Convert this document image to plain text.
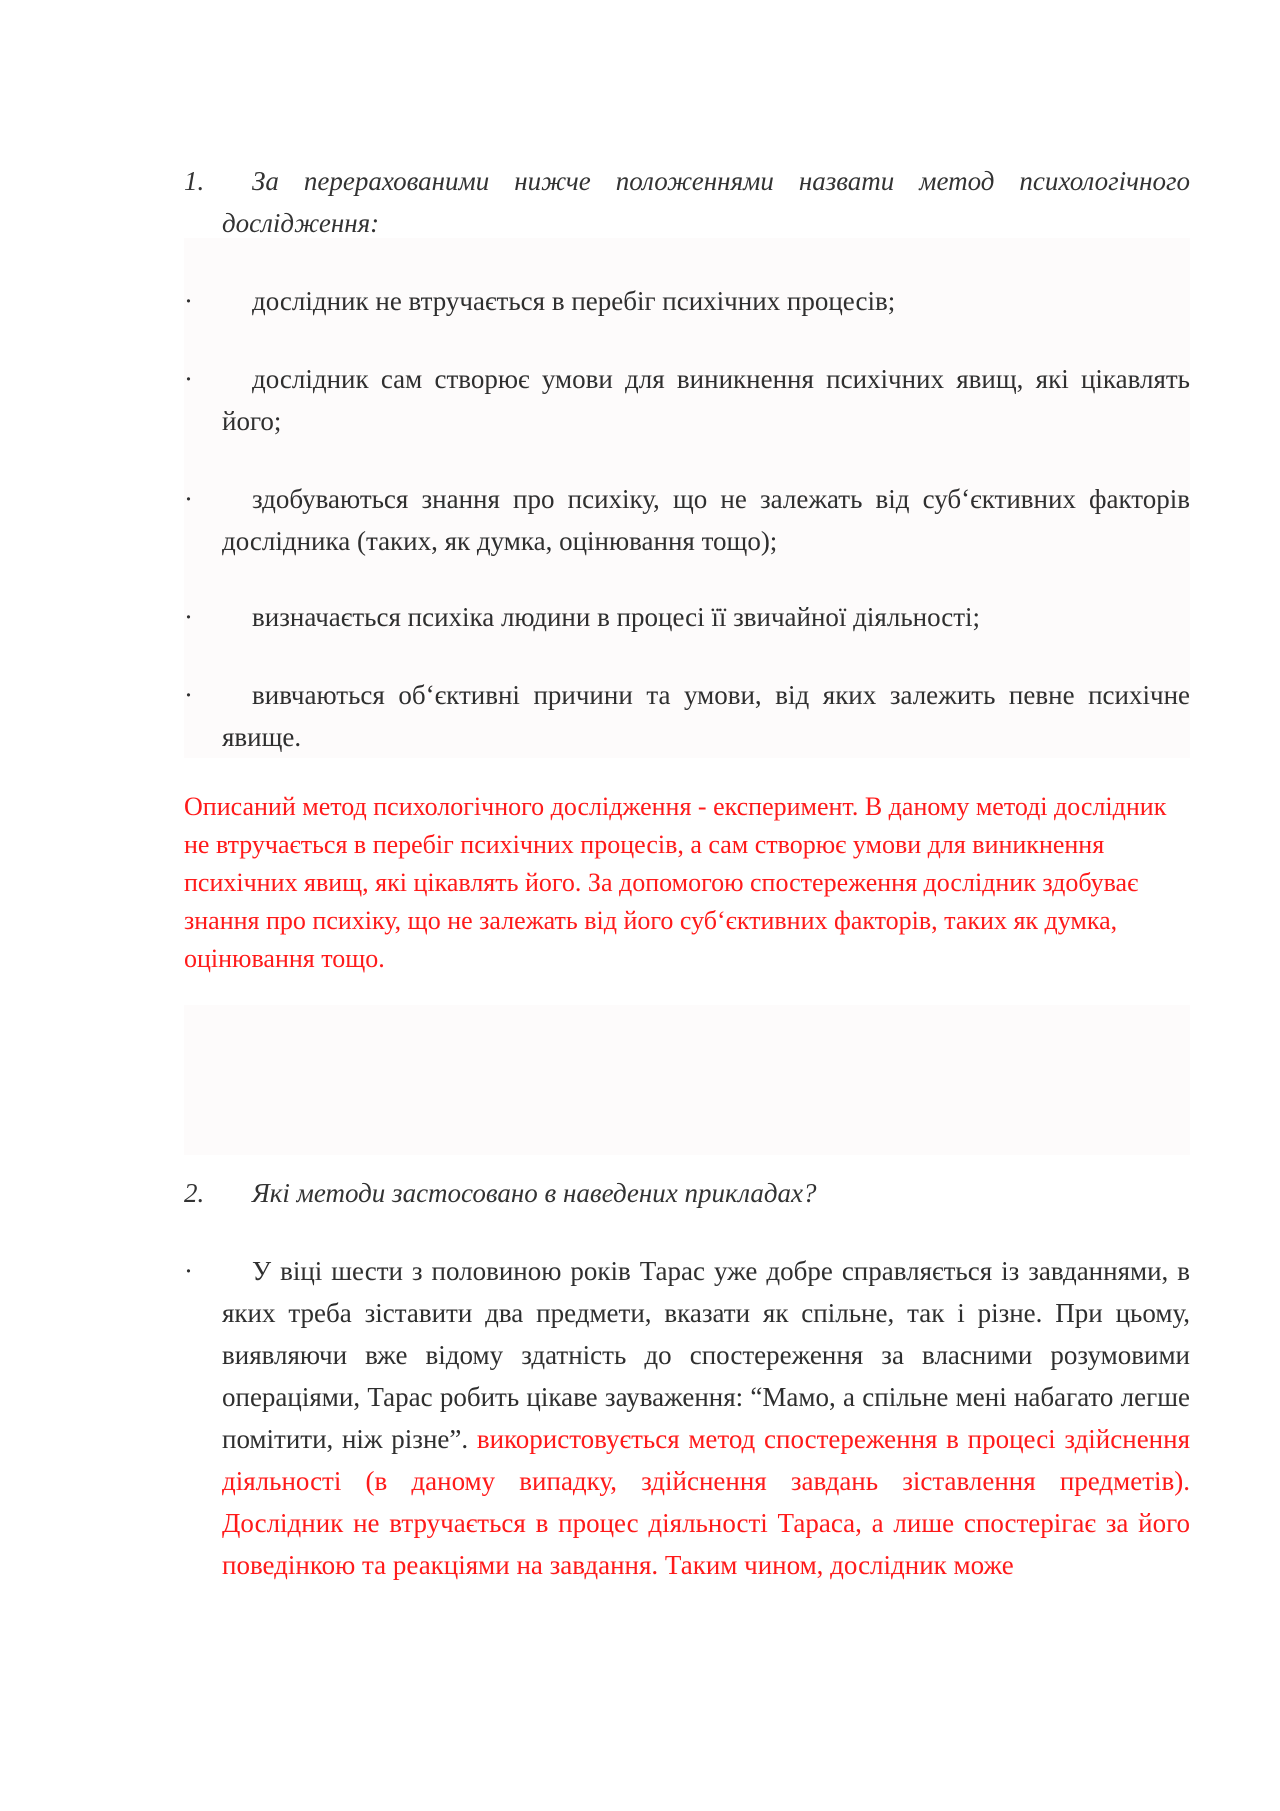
1. За перерахованими нижче положеннями назвати метод психологічного дослідження:
· дослідник не втручається в перебіг психічних процесів;
· дослідник сам створює умови для виникнення психічних явищ, які цікавлять його;
· здобуваються знання про психіку, що не залежать від суб‘єктивних факторів дослідника (таких, як думка, оцінювання тощо);
· визначається психіка людини в процесі її звичайної діяльності;
· вивчаються об‘єктивні причини та умови, від яких залежить певне психічне явище.
Описаний метод психологічного дослідження - експеримент. В даному методі дослідник не втручається в перебіг психічних процесів, а сам створює умови для виникнення психічних явищ, які цікавлять його. За допомогою спостереження дослідник здобуває знання про психіку, що не залежать від його суб‘єктивних факторів, таких як думка, оцінювання тощо.
2. Які методи застосовано в наведених прикладах?
· У віці шести з половиною років Тарас уже добре справляється із завданнями, в яких треба зіставити два предмети, вказати як спільне, так і різне. При цьому, виявляючи вже відому здатність до спостереження за власними розумовими операціями, Тарас робить цікаве зауваження: “Мамо, а спільне мені набагато легше помітити, ніж різне”. використовується метод спостереження в процесі здійснення діяльності (в даному випадку, здійснення завдань зіставлення предметів). Дослідник не втручається в процес діяльності Тараса, а лише спостерігає за його поведінкою та реакціями на завдання. Таким чином, дослідник може
